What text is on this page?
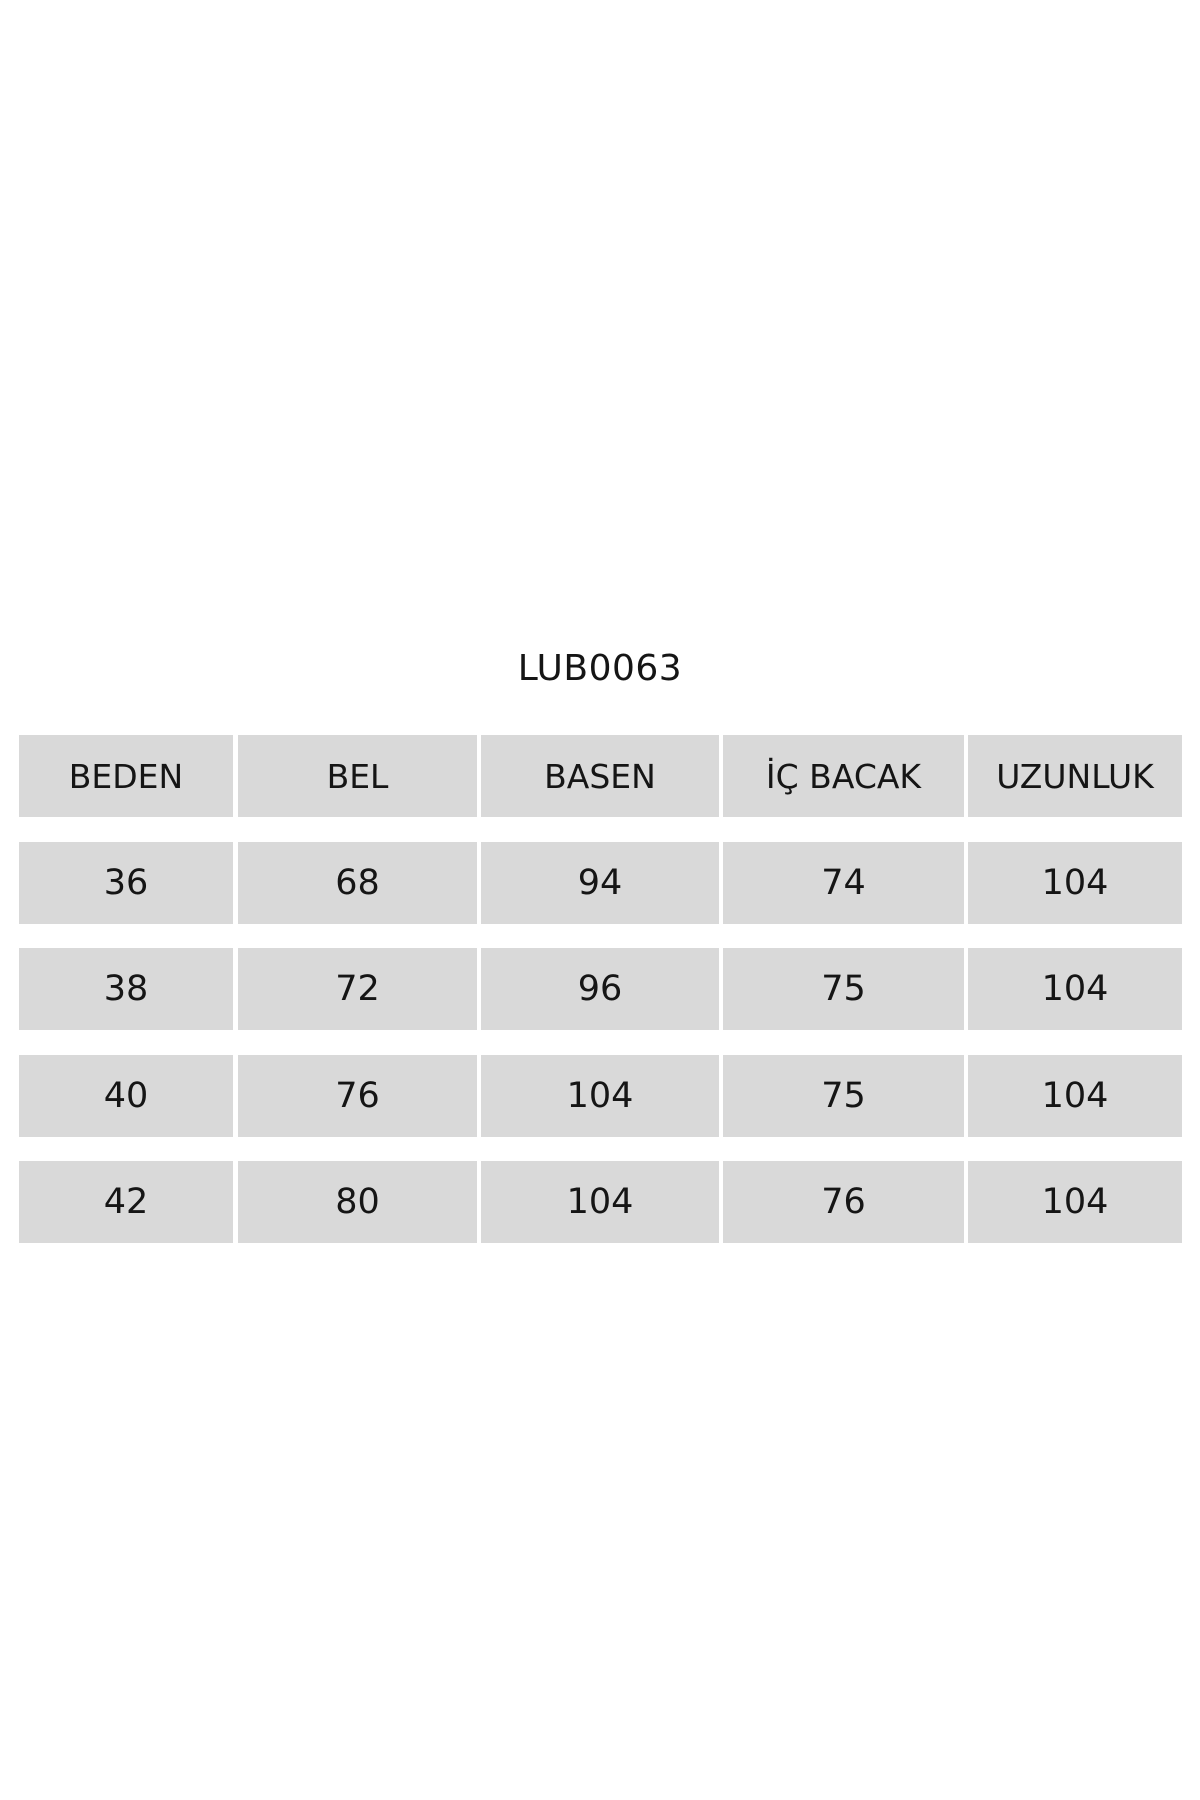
LUB0063
BEDEN	BEL	BASEN	İÇ BACAK	UZUNLUK
36	68	94	74	104
38	72	96	75	104
40	76	104	75	104
42	80	104	76	104
